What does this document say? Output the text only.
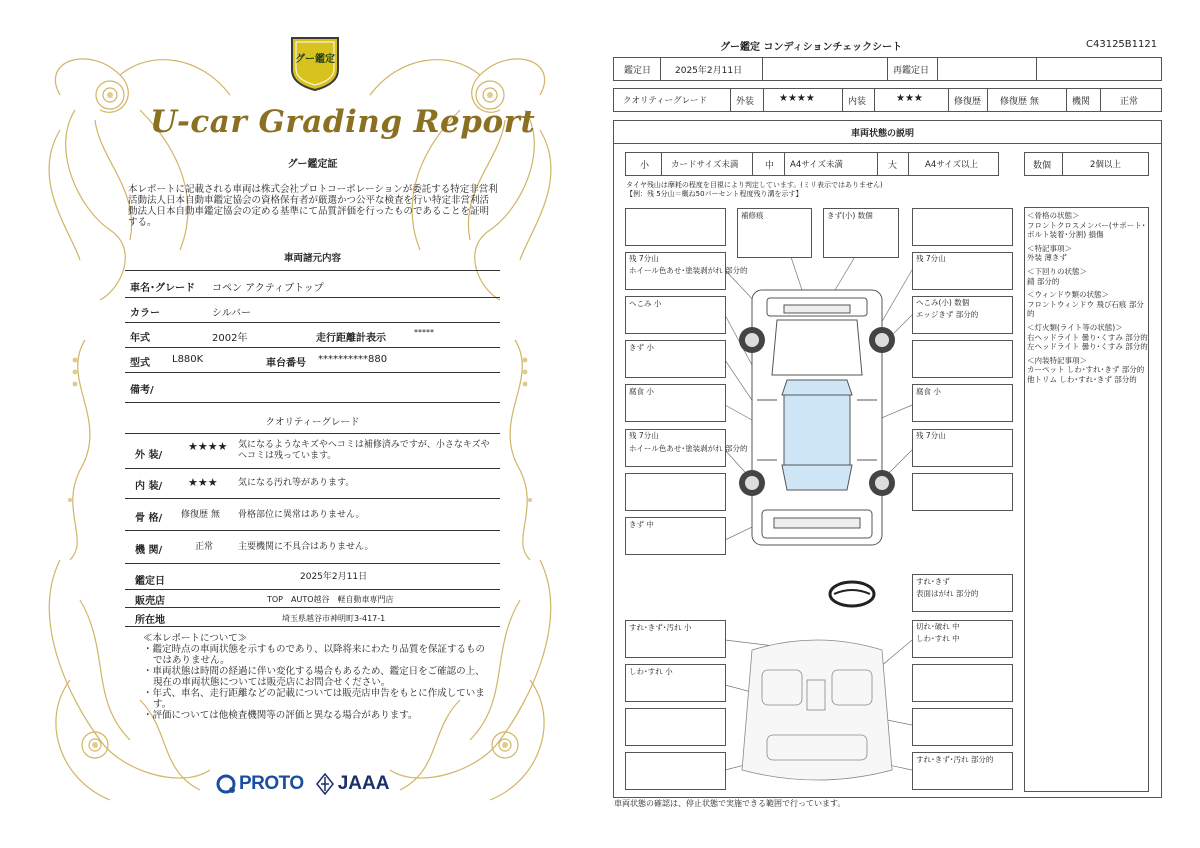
グー鑑定
U-car Grading Report
グー鑑定証
本レポートに記載される車両は株式会社プロトコーポレーションが委託する特定非営利活動法人日本自動車鑑定協会の資格保有者が厳選かつ公平な検査を行い特定非営利活動法人日本自動車鑑定協会の定める基準にて品質評価を行ったものであることを証明する。
車両諸元内容
車名･グレード コペン アクティブトップ
カラー	シルバー
年式	2002年	走行距離計表示
*****
型式 L880K	車台番号 **********880
備考/
クオリティーグレード
外 装/
★★★★ 気になるようなキズやヘコミは補修済みですが、小さなキズやヘコミは残っています。
内 装/ ★★★ 気になる汚れ等があります。
骨 格/ 修復歴 無 骨格部位に異常はありません。
機 関/	正常	主要機関に不具合はありません。
鑑定日	2025年2月11日
販売店	TOP　AUTO越谷　軽自動車専門店
所在地	埼玉県越谷市神明町3-417-1
≪本レポートについて≫
・鑑定時点の車両状態を示すものであり、以降将来にわたり品質を保証するものではありません。
・車両状態は時間の経過に伴い変化する場合もあるため、鑑定日をご確認の上、現在の車両状態については販売店にお問合せください。
・年式、車名、走行距離などの記載については販売店申告をもとに作成しています。
・評価については他検査機関等の評価と異なる場合があります。
PROTO JAAA
グー鑑定 コンディションチェックシート	C43125B1121
鑑定日	2025年2月11日	再鑑定日
クオリティーグレード	外装 ★★★★	内装	★★★	修復歴 修復歴 無	機関	正常
車両状態の説明
小	カードサイズ未満	中 A4サイズ未満	大	A4サイズ以上	数個	2個以上
タイヤ残山は摩耗の程度を目視により判定しています。(ミリ表示ではありません)
【例：残 5分山＝概ね50パーセント程度残り溝を示す】
＜骨格の状態＞
フロントクロスメンバー(サポート･ボルト装着･分割) 損傷
＜特記事項＞
外装 薄きず
＜下回りの状態＞
錆 部分的
＜ウィンドウ類の状態＞
フロントウィンドウ 飛び石痕 部分的
＜灯火類(ライト等の状態)＞
右ヘッドライト 曇り･くすみ 部分的
左ヘッドライト 曇り･くすみ 部分的
＜内装特記事項＞
カーペット しわ･すれ･きず 部分的
他トリム しわ･すれ･きず 部分的
補修痕	きず(小) 数個
残 7分山
ホイール色あせ･塗装剥がれ 部分的
へこみ 小
きず 小
腐食 小
残 7分山
ホイール色あせ･塗装剥がれ 部分的
きず 中
残 7分山
へこみ(小) 数個
エッジきず 部分的
腐食 小
残 7分山
すれ･きず
表面はがれ 部分的
すれ･きず･汚れ 小	切れ･破れ 中
しわ･すれ 中
しわ･すれ 小
すれ･きず･汚れ 部分的
車両状態の確認は、停止状態で実施できる範囲で行っています。
